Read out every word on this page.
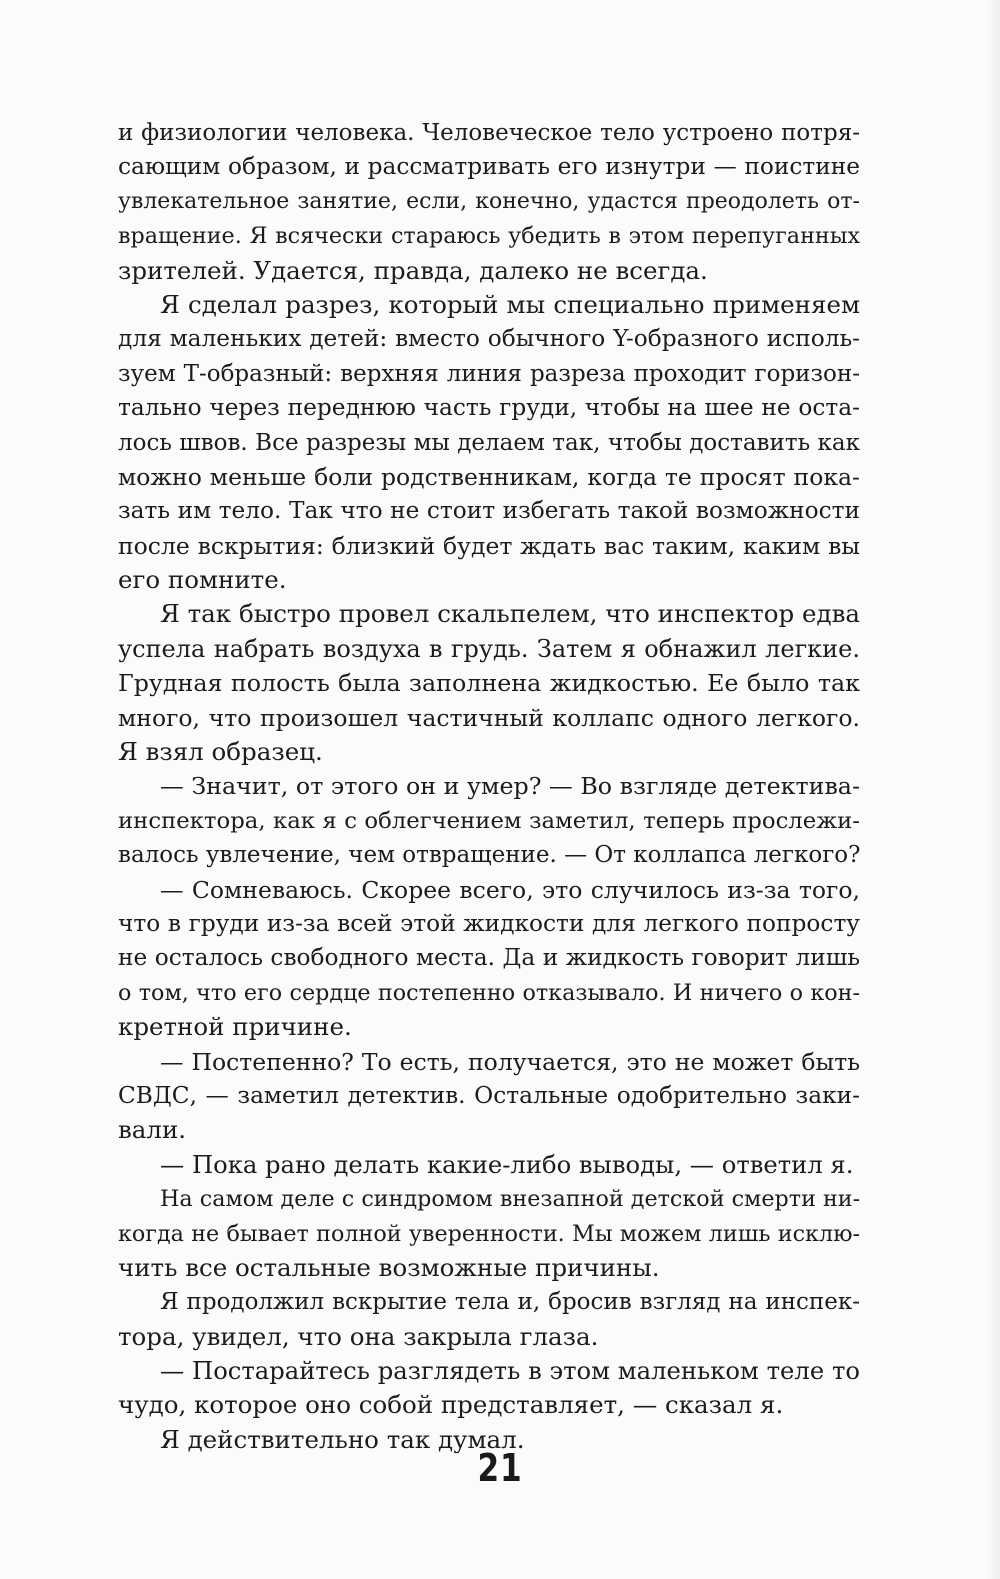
и физиологии человека. Человеческое тело устроено потря-
сающим образом, и рассматривать его изнутри — поистине
увлекательное занятие, если, конечно, удастся преодолеть от-
вращение. Я всячески стараюсь убедить в этом перепуганных
зрителей. Удается, правда, далеко не всегда.
Я сделал разрез, который мы специально применяем
для маленьких детей: вместо обычного Y-образного исполь-
зуем Т-образный: верхняя линия разреза проходит горизон-
тально через переднюю часть груди, чтобы на шее не оста-
лось швов. Все разрезы мы делаем так, чтобы доставить как
можно меньше боли родственникам, когда те просят пока-
зать им тело. Так что не стоит избегать такой возможности
после вскрытия: близкий будет ждать вас таким, каким вы
его помните.
Я так быстро провел скальпелем, что инспектор едва
успела набрать воздуха в грудь. Затем я обнажил легкие.
Грудная полость была заполнена жидкостью. Ее было так
много, что произошел частичный коллапс одного легкого.
Я взял образец.
— Значит, от этого он и умер? — Во взгляде детектива-
инспектора, как я с облегчением заметил, теперь прослежи-
валось увлечение, чем отвращение. — От коллапса легкого?
— Сомневаюсь. Скорее всего, это случилось из-за того,
что в груди из-за всей этой жидкости для легкого попросту
не осталось свободного места. Да и жидкость говорит лишь
о том, что его сердце постепенно отказывало. И ничего о кон-
кретной причине.
— Постепенно? То есть, получается, это не может быть
СВДС, — заметил детектив. Остальные одобрительно заки-
вали.
— Пока рано делать какие-либо выводы, — ответил я.
На самом деле с синдромом внезапной детской смерти ни-
когда не бывает полной уверенности. Мы можем лишь исклю-
чить все остальные возможные причины.
Я продолжил вскрытие тела и, бросив взгляд на инспек-
тора, увидел, что она закрыла глаза.
— Постарайтесь разглядеть в этом маленьком теле то
чудо, которое оно собой представляет, — сказал я.
Я действительно так думал.
21
